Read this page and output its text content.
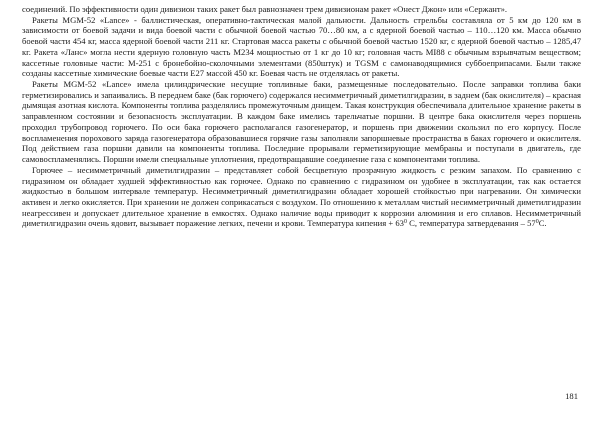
соединений. По эффективности один дивизион таких ракет был равнозначен трем дивизионам ракет «Онест Джон» или «Сержант».

Ракеты MGM-52 «Lance» - баллистическая, оперативно-тактическая малой дальности. Дальность стрельбы составляла от 5 км до 120 км в зависимости от боевой задачи и вида боевой части с обычной боевой частью 70…80 км, а с ядерной боевой частью – 110…120 км. Масса обычно боевой части 454 кг, масса ядерной боевой части 211 кг. Стартовая масса ракеты с обычной боевой частью 1520 кг, с ядерной боевой частью – 1285,47 кг. Ракета «Ланс» могла нести ядерную головную часть М234 мощностью от 1 кг до 10 кг; головная часть MI88 с обычным взрывчатым веществом; кассетные головные части: М-251 с бронебойно-сколочными элементами (850штук) и TGSM с самонаводящимися суббоеприпасами. Были также созданы кассетные химические боевые части Е27 массой 450 кг. Боевая часть не отделялась от ракеты.

Ракеты MGM-52 «Lance» имела цилиндрические несущие топливные баки, размещенные последовательно. После заправки топлива баки герметизировались и запаивались. В переднем баке (бак горючего) содержался несимметричный диметилгидразин, в заднем (бак окислителя) – красная дымящая азотная кислота. Компоненты топлива разделялись промежуточным днищем. Такая конструкция обеспечивала длительное хранение ракеты в заправленном состоянии и безопасность эксплуатации. В каждом баке имелись тарельчатые поршни. В центре бака окислителя через поршень проходил трубопровод горючего. По оси бака горючего располагался газогенератор, и поршень при движении скользил по его корпусу. После воспламенения порохового заряда газогенератора образовавшиеся горячие газы заполняли запоршневые пространства в баках горючего и окислителя. Под действием газа поршни давили на компоненты топлива. Последние прорывали герметизирующие мембраны и поступали в двигатель, где самовоспламенялись. Поршни имели специальные уплотнения, предотвращавшие соединение газа с компонентами топлива.

Горючее – несимметричный диметилгидразин – представляет собой бесцветную прозрачную жидкость с резким запахом. По сравнению с гидразином он обладает худшей эффективностью как горючее. Однако по сравнению с гидразином он удобнее в эксплуатации, так как остается жидкостью в большом интервале температур. Несимметричный диметилгидразин обладает хорошей стойкостью при нагревании. Он химически активен и легко окисляется. При хранении не должен соприкасаться с воздухом. По отношению к металлам чистый несимметричный диметилгидразин неагрессивен и допускает длительное хранение в емкостях. Однако наличие воды приводит к коррозии алюминия и его сплавов. Несимметричный диметилгидразин очень ядовит, вызывает поражение легких, печени и крови. Температура кипения + $63^0$ С, температура затвердевания – $57^0С$.

181
